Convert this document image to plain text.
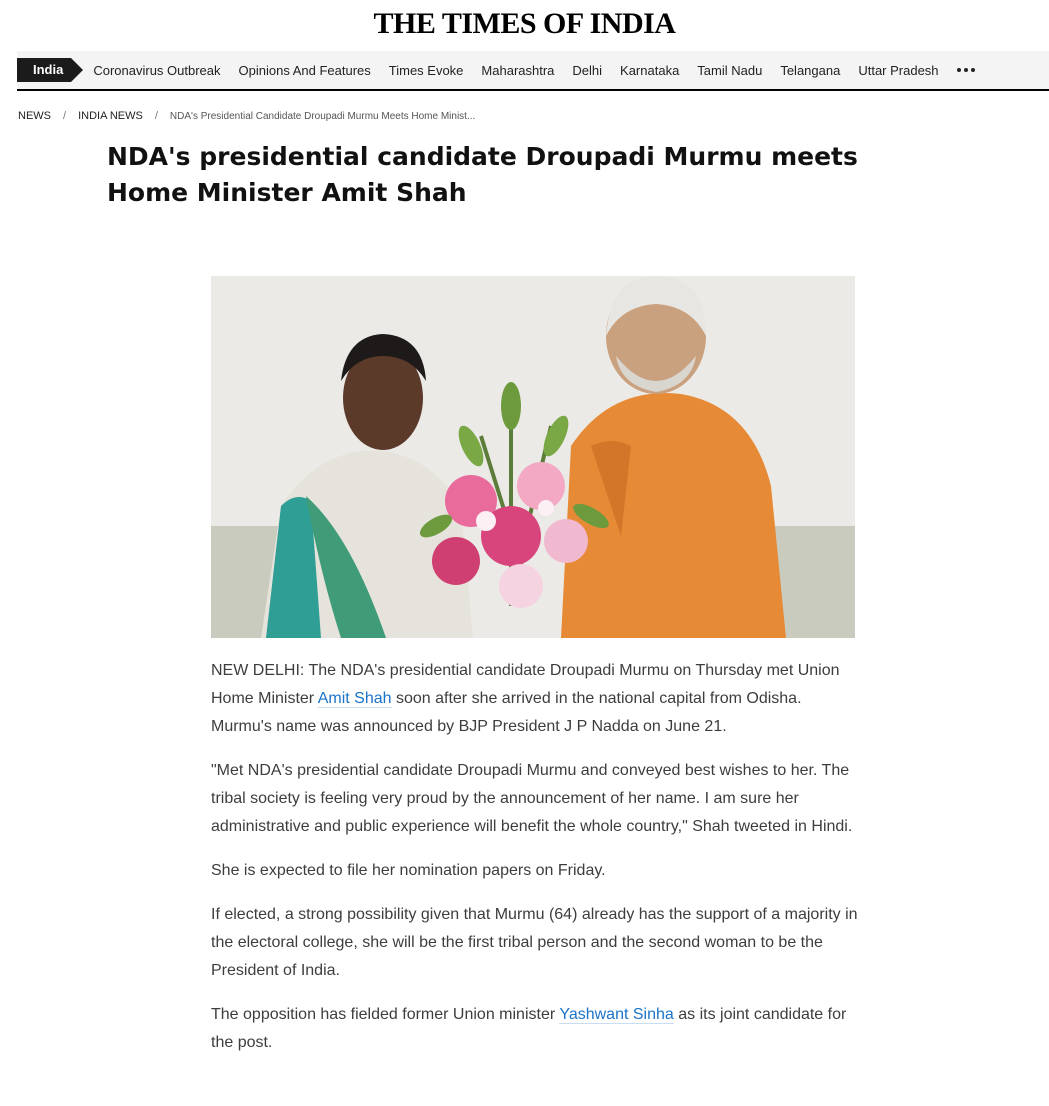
THE TIMES OF INDIA
India	Coronavirus Outbreak Opinions And Features Times Evoke Maharashtra Delhi Karnataka Tamil Nadu Telangana Uttar Pradesh
NEWS / INDIA NEWS / NDA's Presidential Candidate Droupadi Murmu Meets Home Minist...
NDA's presidential candidate Droupadi Murmu meets Home Minister Amit Shah

NEW DELHI: The NDA's presidential candidate Droupadi Murmu on Thursday met Union Home Minister Amit Shah soon after she arrived in the national capital from Odisha. Murmu's name was announced by BJP President J P Nadda on June 21.

"Met NDA's presidential candidate Droupadi Murmu and conveyed best wishes to her. The tribal society is feeling very proud by the announcement of her name. I am sure her administrative and public experience will benefit the whole country," Shah tweeted in Hindi.

She is expected to file her nomination papers on Friday.

If elected, a strong possibility given that Murmu (64) already has the support of a majority in the electoral college, she will be the first tribal person and the second woman to be the President of India.

The opposition has fielded former Union minister Yashwant Sinha as its joint candidate for the post.
